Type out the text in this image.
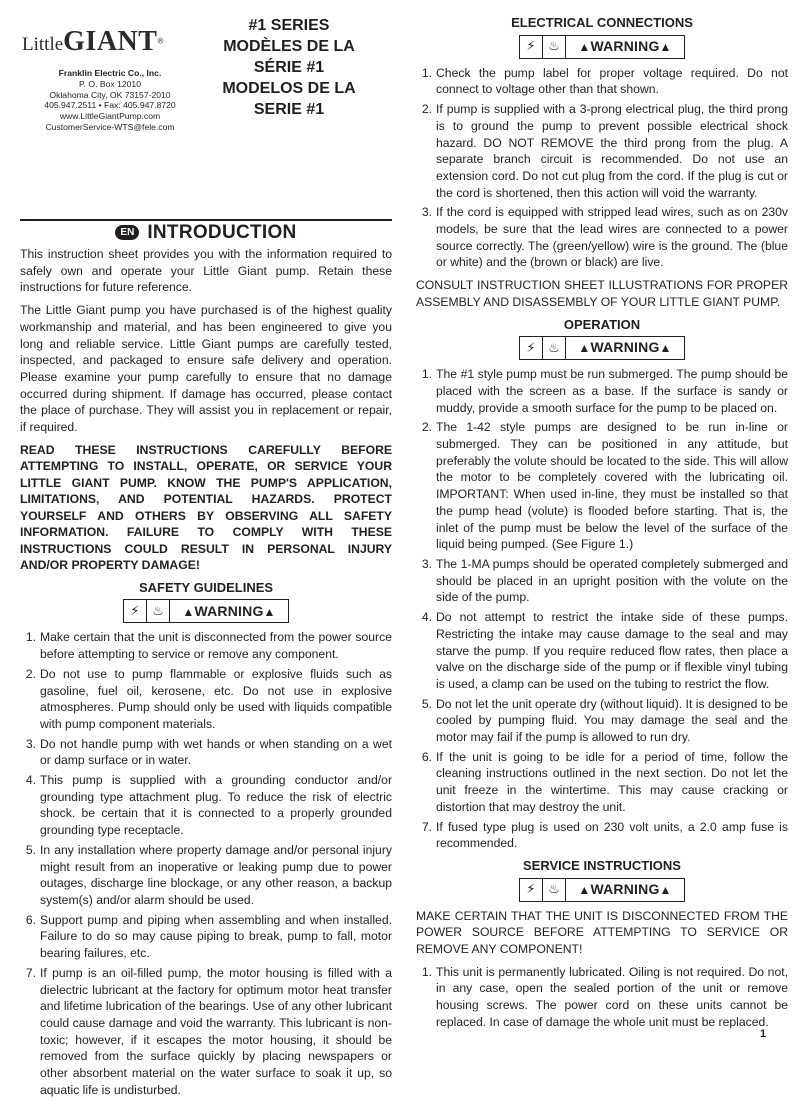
LittleGIANT®
Franklin Electric Co., Inc.
P. O. Box 12010
Oklahoma City, OK 73157-2010
405.947.2511 • Fax: 405.947.8720
www.LittleGiantPump.com
CustomerService-WTS@fele.com
#1 SERIES
MODÈLES DE LA SÉRIE #1
MODELOS DE LA SERIE #1
EN INTRODUCTION

This instruction sheet provides you with the information required to safely own and operate your Little Giant pump. Retain these instructions for future reference.

The Little Giant pump you have purchased is of the highest quality workmanship and material, and has been engineered to give you long and reliable service. Little Giant pumps are carefully tested, inspected, and packaged to ensure safe delivery and operation. Please examine your pump carefully to ensure that no damage occurred during shipment. If damage has occurred, please contact the place of purchase. They will assist you in replacement or repair, if required.

READ THESE INSTRUCTIONS CAREFULLY BEFORE ATTEMPTING TO INSTALL, OPERATE, OR SERVICE YOUR LITTLE GIANT PUMP. KNOW THE PUMP'S APPLICATION, LIMITATIONS, AND POTENTIAL HAZARDS. PROTECT YOURSELF AND OTHERS BY OBSERVING ALL SAFETY INFORMATION. FAILURE TO COMPLY WITH THESE INSTRUCTIONS COULD RESULT IN PERSONAL INJURY AND/OR PROPERTY DAMAGE!

SAFETY GUIDELINES
⚡ ♨	▲WARNING▲
1. Make certain that the unit is disconnected from the power source before attempting to service or remove any component.
2. Do not use to pump flammable or explosive fluids such as gasoline, fuel oil, kerosene, etc. Do not use in explosive atmospheres. Pump should only be used with liquids compatible with pump component materials.
3. Do not handle pump with wet hands or when standing on a wet or damp surface or in water.
4. This pump is supplied with a grounding conductor and/or grounding type attachment plug. To reduce the risk of electric shock. be certain that it is connected to a properly grounded grounding type receptacle.
5. In any installation where property damage and/or personal injury might result from an inoperative or leaking pump due to power outages, discharge line blockage, or any other reason, a backup system(s) and/or alarm should be used.
6. Support pump and piping when assembling and when installed. Failure to do so may cause piping to break, pump to fall, motor bearing failures, etc.
7. If pump is an oil-filled pump, the motor housing is filled with a dielectric lubricant at the factory for optimum motor heat transfer and lifetime lubrication of the bearings. Use of any other lubricant could cause damage and void the warranty. This lubricant is non-toxic; however, if it escapes the motor housing, it should be removed from the surface quickly by placing newspapers or other absorbent material on the water surface to soak it up, so aquatic life is undisturbed.
ELECTRICAL CONNECTIONS
⚡ ♨	▲WARNING▲
1. Check the pump label for proper voltage required. Do not connect to voltage other than that shown.
2. If pump is supplied with a 3-prong electrical plug, the third prong is to ground the pump to prevent possible electrical shock hazard. DO NOT REMOVE the third prong from the plug. A separate branch circuit is recommended. Do not use an extension cord. Do not cut plug from the cord. If the plug is cut or the cord is shortened, then this action will void the warranty.
3. If the cord is equipped with stripped lead wires, such as on 230v models, be sure that the lead wires are connected to a power source correctly. The (green/yellow) wire is the ground. The (blue or white) and the (brown or black) are live.

CONSULT INSTRUCTION SHEET ILLUSTRATIONS FOR PROPER ASSEMBLY AND DISASSEMBLY OF YOUR LITTLE GIANT PUMP.

OPERATION
⚡ ♨	▲WARNING▲
1. The #1 style pump must be run submerged. The pump should be placed with the screen as a base. If the surface is sandy or muddy, provide a smooth surface for the pump to be placed on.
2. The 1-42 style pumps are designed to be run in-line or submerged. They can be positioned in any attitude, but preferably the volute should be located to the side. This will allow the motor to be completely covered with the lubricating oil. IMPORTANT: When used in-line, they must be installed so that the pump head (volute) is flooded before starting. That is, the inlet of the pump must be below the level of the surface of the liquid being pumped. (See Figure 1.)
3. The 1-MA pumps should be operated completely submerged and should be placed in an upright position with the volute on the side of the pump.
4. Do not attempt to restrict the intake side of these pumps. Restricting the intake may cause damage to the seal and may starve the pump. If you require reduced flow rates, then place a valve on the discharge side of the pump or if flexible vinyl tubing is used, a clamp can be used on the tubing to restrict the flow.
5. Do not let the unit operate dry (without liquid). It is designed to be cooled by pumping fluid. You may damage the seal and the motor may fail if the pump is allowed to run dry.
6. If the unit is going to be idle for a period of time, follow the cleaning instructions outlined in the next section. Do not let the unit freeze in the wintertime. This may cause cracking or distortion that may destroy the unit.
7. If fused type plug is used on 230 volt units, a 2.0 amp fuse is recommended.
SERVICE INSTRUCTIONS
⚡ ♨	▲WARNING▲

MAKE CERTAIN THAT THE UNIT IS DISCONNECTED FROM THE POWER SOURCE BEFORE ATTEMPTING TO SERVICE OR REMOVE ANY COMPONENT!

1. This unit is permanently lubricated. Oiling is not required. Do not, in any case, open the sealed portion of the unit or remove housing screws. The power cord on these units cannot be replaced. In case of damage the whole unit must be replaced.
1
